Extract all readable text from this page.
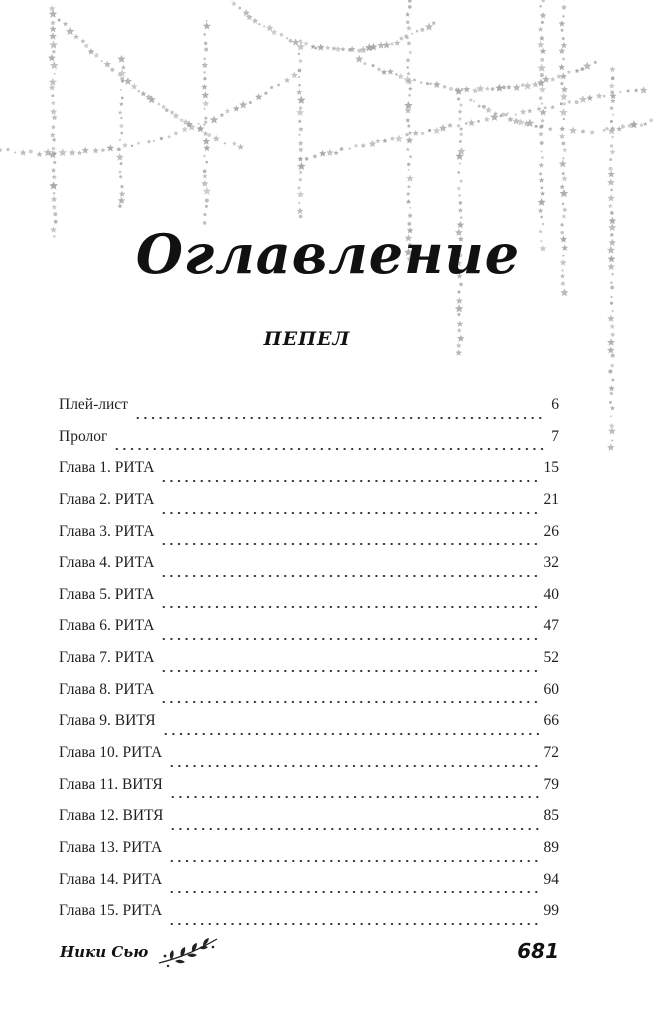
Оглавление
ПЕПЕЛ
Плей-лист	6
Пролог	7
Глава 1. РИТА	15
Глава 2. РИТА	21
Глава 3. РИТА	26
Глава 4. РИТА	32
Глава 5. РИТА	40
Глава 6. РИТА	47
Глава 7. РИТА	52
Глава 8. РИТА	60
Глава 9. ВИТЯ	66
Глава 10. РИТА	72
Глава 11. ВИТЯ	79
Глава 12. ВИТЯ	85
Глава 13. РИТА	89
Глава 14. РИТА	94
Глава 15. РИТА	99
Ники Сью	681
